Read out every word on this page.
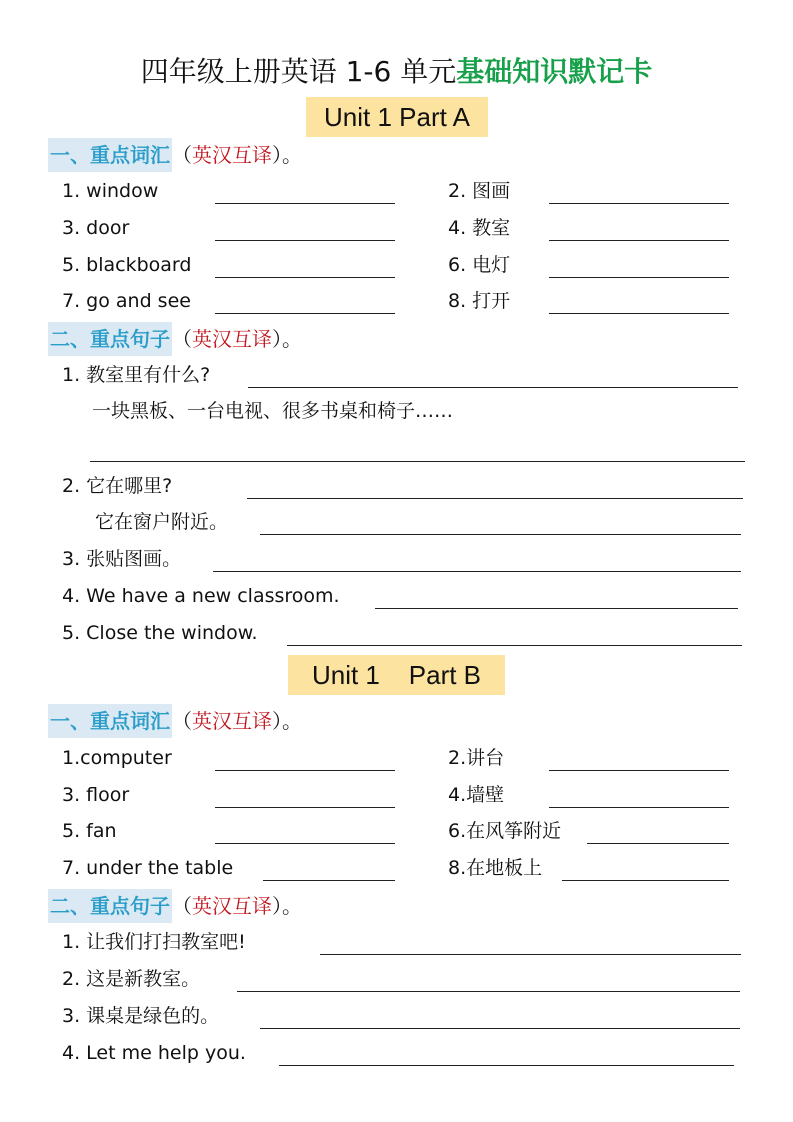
四年级上册英语 1-6 单元基础知识默记卡
Unit 1 Part A
Unit 1    Part B
一、重点词汇 （英汉互译）。
二、重点句子 （英汉互译）。
一、重点词汇 （英汉互译）。
二、重点句子 （英汉互译）。
1. window	2. 图画
3. door	4. 教室
5. blackboard	6. 电灯
7. go and see	8. 打开
1.computer	2.讲台
3. floor	4.墙壁
5. fan	6.在风筝附近
7. under the table	8.在地板上
1. 教室里有什么?
一块黑板、一台电视、很多书桌和椅子……
2. 它在哪里?
它在窗户附近。
3. 张贴图画。
4. We have a new classroom.
5. Close the window.
1. 让我们打扫教室吧!
2. 这是新教室。
3. 课桌是绿色的。
4. Let me help you.
